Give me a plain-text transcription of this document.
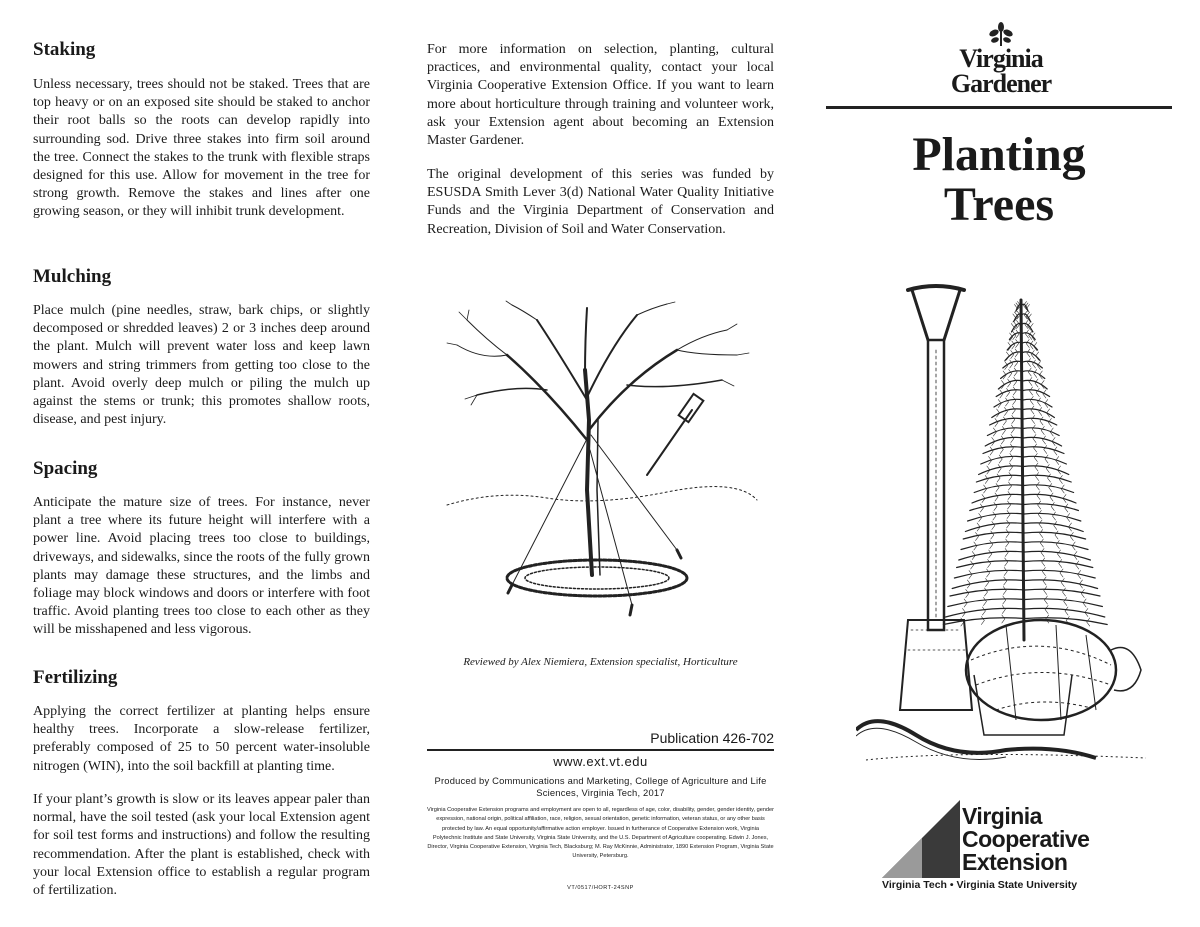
Staking

Unless necessary, trees should not be staked. Trees that are top heavy or on an exposed site should be staked to anchor their root balls so the roots can develop rapidly into surrounding sod. Drive three stakes into firm soil around the tree. Connect the stakes to the trunk with flexible straps designed for this use. Allow for movement in the tree for strong growth. Remove the stakes and lines after one growing season, or they will inhibit trunk development.

Mulching

Place mulch (pine needles, straw, bark chips, or slightly decomposed or shredded leaves) 2 or 3 inches deep around the plant. Mulch will prevent water loss and keep lawn mowers and string trimmers from getting too close to the plant. Avoid overly deep mulch or piling the mulch up against the stems or trunk; this promotes shallow roots, disease, and pest injury.

Spacing

Anticipate the mature size of trees. For instance, never plant a tree where its future height will interfere with a power line. Avoid placing trees too close to buildings, driveways, and sidewalks, since the roots of the fully grown plants may damage these structures, and the limbs and foliage may block windows and doors or interfere with foot traffic. Avoid planting trees too close to each other as they will be misshapened and less vigorous.

Fertilizing

Applying the correct fertilizer at planting helps ensure healthy trees. Incorporate a slow-release fertilizer, preferably composed of 25 to 50 percent water-insoluble nitrogen (WIN), into the soil backfill at planting time.

If your plant’s growth is slow or its leaves appear paler than normal, have the soil tested (ask your local Extension agent for soil test forms and instructions) and follow the resulting recommendation. After the plant is established, check with your local Extension office to establish a regular program of fertilization.

For more information on selection, planting, cultural practices, and environmental quality, contact your local Virginia Cooperative Extension Office. If you want to learn more about horticulture through training and volunteer work, ask your Extension agent about becoming an Extension Master Gardener.

The original development of this series was funded by ESUSDA Smith Lever 3(d) National Water Quality Initiative Funds and the Virginia Department of Conservation and Recreation, Division of Soil and Water Conservation.

Reviewed by Alex Niemiera, Extension specialist, Horticulture

Publication 426-702

www.ext.vt.edu

Produced by Communications and Marketing, College of Agriculture and Life Sciences, Virginia Tech, 2017

Virginia Cooperative Extension programs and employment are open to all, regardless of age, color, disability, gender, gender identity, gender expression, national origin, political affiliation, race, religion, sexual orientation, genetic information, veteran status, or any other basis protected by law. An equal opportunity/affirmative action employer. Issued in furtherance of Cooperative Extension work, Virginia Polytechnic Institute and State University, Virginia State University, and the U.S. Department of Agriculture cooperating. Edwin J. Jones, Director, Virginia Cooperative Extension, Virginia Tech, Blacksburg; M. Ray McKinnie, Administrator, 1890 Extension Program, Virginia State University, Petersburg.

VT/0517/HORT-24SNP

Virginia

Gardener

Planting
Trees

Virginia
Cooperative
Extension

Virginia Tech • Virginia State University
